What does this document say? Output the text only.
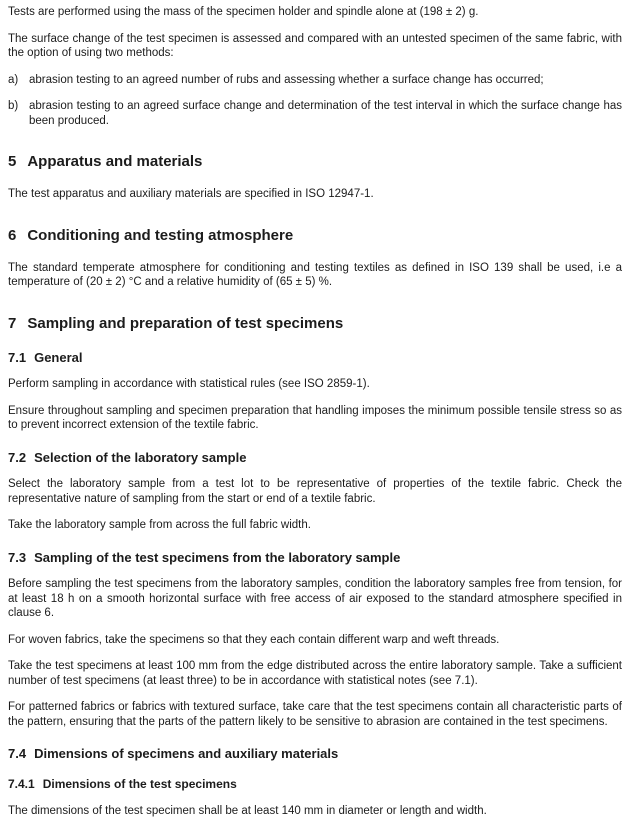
Tests are performed using the mass of the specimen holder and spindle alone at (198 ± 2) g.

The surface change of the test specimen is assessed and compared with an untested specimen of the same fabric, with the option of using two methods:

a) abrasion testing to an agreed number of rubs and assessing whether a surface change has occurred;
b) abrasion testing to an agreed surface change and determination of the test interval in which the surface change has been produced.
5 Apparatus and materials

The test apparatus and auxiliary materials are specified in ISO 12947-1.

6 Conditioning and testing atmosphere

The standard temperate atmosphere for conditioning and testing textiles as defined in ISO 139 shall be used, i.e a temperature of (20 ± 2) °C and a relative humidity of (65 ± 5) %.

7 Sampling and preparation of test specimens
7.1 General

Perform sampling in accordance with statistical rules (see ISO 2859-1).

Ensure throughout sampling and specimen preparation that handling imposes the minimum possible tensile stress so as to prevent incorrect extension of the textile fabric.

7.2 Selection of the laboratory sample

Select the laboratory sample from a test lot to be representative of properties of the textile fabric. Check the representative nature of sampling from the start or end of a textile fabric.

Take the laboratory sample from across the full fabric width.

7.3 Sampling of the test specimens from the laboratory sample

Before sampling the test specimens from the laboratory samples, condition the laboratory samples free from tension, for at least 18 h on a smooth horizontal surface with free access of air exposed to the standard atmosphere specified in clause 6.

For woven fabrics, take the specimens so that they each contain different warp and weft threads.

Take the test specimens at least 100 mm from the edge distributed across the entire laboratory sample. Take a sufficient number of test specimens (at least three) to be in accordance with statistical notes (see 7.1).

For patterned fabrics or fabrics with textured surface, take care that the test specimens contain all characteristic parts of the pattern, ensuring that the parts of the pattern likely to be sensitive to abrasion are contained in the test specimens.

7.4 Dimensions of specimens and auxiliary materials
7.4.1 Dimensions of the test specimens

The dimensions of the test specimen shall be at least 140 mm in diameter or length and width.
